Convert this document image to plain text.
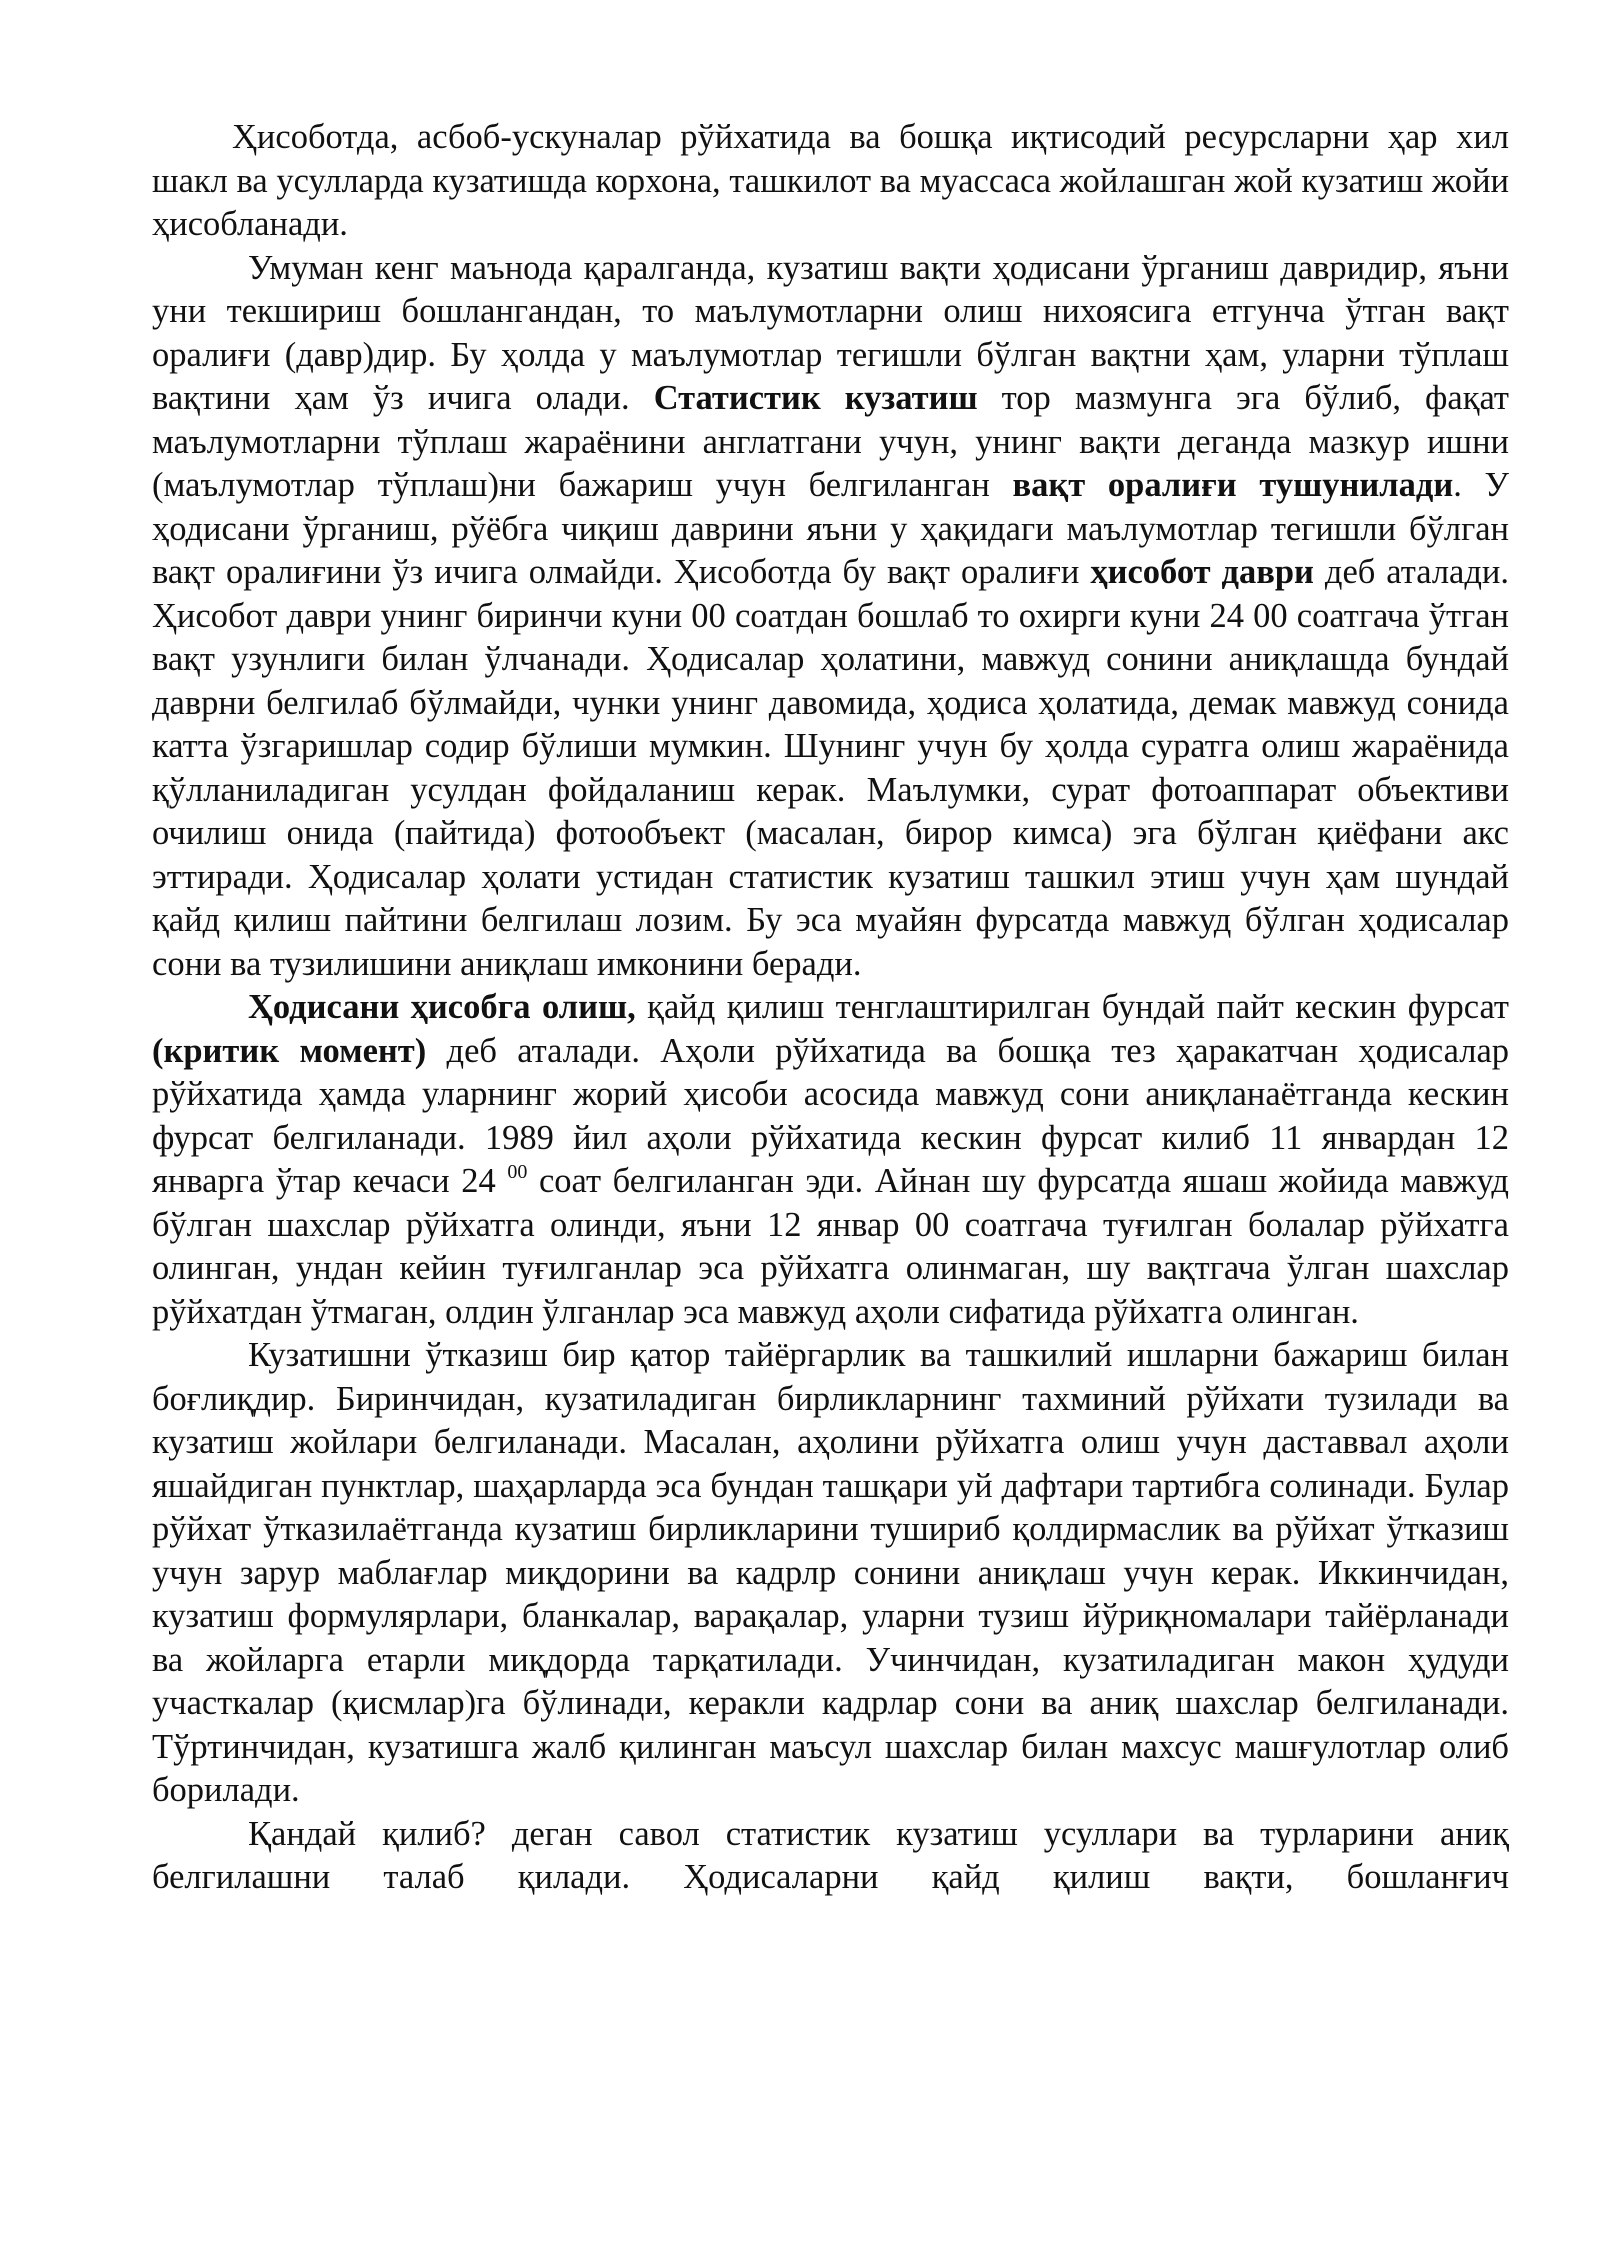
Ҳисоботда, асбоб-ускуналар рўйхатида ва бошқа иқтисодий ресурсларни ҳар хил шакл ва усулларда кузатишда корхона, ташкилот ва муассаса жойлашган жой кузатиш жойи ҳисобланади.

Умуман кенг маънода қаралганда, кузатиш вақти ҳодисани ўрганиш давридир, яъни уни текшириш бошлангандан, то маълумотларни олиш нихоясига етгунча ўтган вақт оралиғи (давр)дир. Бу ҳолда у маълумотлар тегишли бўлган вақтни ҳам, уларни тўплаш вақтини ҳам ўз ичига олади. Статистик кузатиш тор мазмунга эга бўлиб, фақат маълумотларни тўплаш жараёнини англатгани учун, унинг вақти деганда мазкур ишни (маълумотлар тўплаш)ни бажариш учун белгиланган вақт оралиғи тушунилади. У ҳодисани ўрганиш, рўёбга чиқиш даврини яъни у ҳақидаги маълумотлар тегишли бўлган вақт оралиғини ўз ичига олмайди. Ҳисоботда бу вақт оралиғи ҳисобот даври деб аталади. Ҳисобот даври унинг биринчи куни 00 соатдан бошлаб то охирги куни 24 00 соатгача ўтган вақт узунлиги билан ўлчанади. Ҳодисалар ҳолатини, мавжуд сонини аниқлашда бундай даврни белгилаб бўлмайди, чунки унинг давомида, ҳодиса ҳолатида, демак мавжуд сонида катта ўзгаришлар содир бўлиши мумкин. Шунинг учун бу ҳолда суратга олиш жараёнида қўлланиладиган усулдан фойдаланиш керак. Маълумки, сурат фотоаппарат объективи очилиш онида (пайтида) фотообъект (масалан, бирор кимса) эга бўлган қиёфани акс эттиради. Ҳодисалар ҳолати устидан статистик кузатиш ташкил этиш учун ҳам шундай қайд қилиш пайтини белгилаш лозим. Бу эса муайян фурсатда мавжуд бўлган ҳодисалар сони ва тузилишини аниқлаш имконини беради.

Ҳодисани ҳисобга олиш, қайд қилиш тенглаштирилган бундай пайт кескин фурсат (критик момент) деб аталади. Аҳоли рўйхатида ва бошқа тез ҳаракатчан ҳодисалар рўйхатида ҳамда уларнинг жорий ҳисоби асосида мавжуд сони аниқланаётганда кескин фурсат белгиланади. 1989 йил аҳоли рўйхатида кескин фурсат килиб 11 январдан 12 январга ўтар кечаси 24 $^{00}$ соат белгиланган эди. Айнан шу фурсатда яшаш жойида мавжуд бўлган шахслар рўйхатга олинди, яъни 12 январ 00 соатгача туғилган болалар рўйхатга олинган, ундан кейин туғилганлар эса рўйхатга олинмаган, шу вақтгача ўлган шахслар рўйхатдан ўтмаган, олдин ўлганлар эса мавжуд аҳоли сифатида рўйхатга олинган.

Кузатишни ўтказиш бир қатор тайёргарлик ва ташкилий ишларни бажариш билан боғлиқдир. Биринчидан, кузатиладиган бирликларнинг тахминий рўйхати тузилади ва кузатиш жойлари белгиланади. Масалан, аҳолини рўйхатга олиш учун даставвал аҳоли яшайдиган пунктлар, шаҳарларда эса бундан ташқари уй дафтари тартибга солинади. Булар рўйхат ўтказилаётганда кузатиш бирликларини тушириб қолдирмаслик ва рўйхат ўтказиш учун зарур маблағлар миқдорини ва кадрлр сонини аниқлаш учун керак. Иккинчидан, кузатиш формулярлари, бланкалар, варақалар, уларни тузиш йўриқномалари тайёрланади ва жойларга етарли миқдорда тарқатилади. Учинчидан, кузатиладиган макон ҳудуди участкалар (қисмлар)га бўлинади, керакли кадрлар сони ва аниқ шахслар белгиланади. Тўртинчидан, кузатишга жалб қилинган маъсул шахслар билан махсус машғулотлар олиб борилади.

Қандай қилиб? деган савол статистик кузатиш усуллари ва турларини аниқ белгилашни талаб қилади. Ҳодисаларни қайд қилиш вақти, бошланғич
